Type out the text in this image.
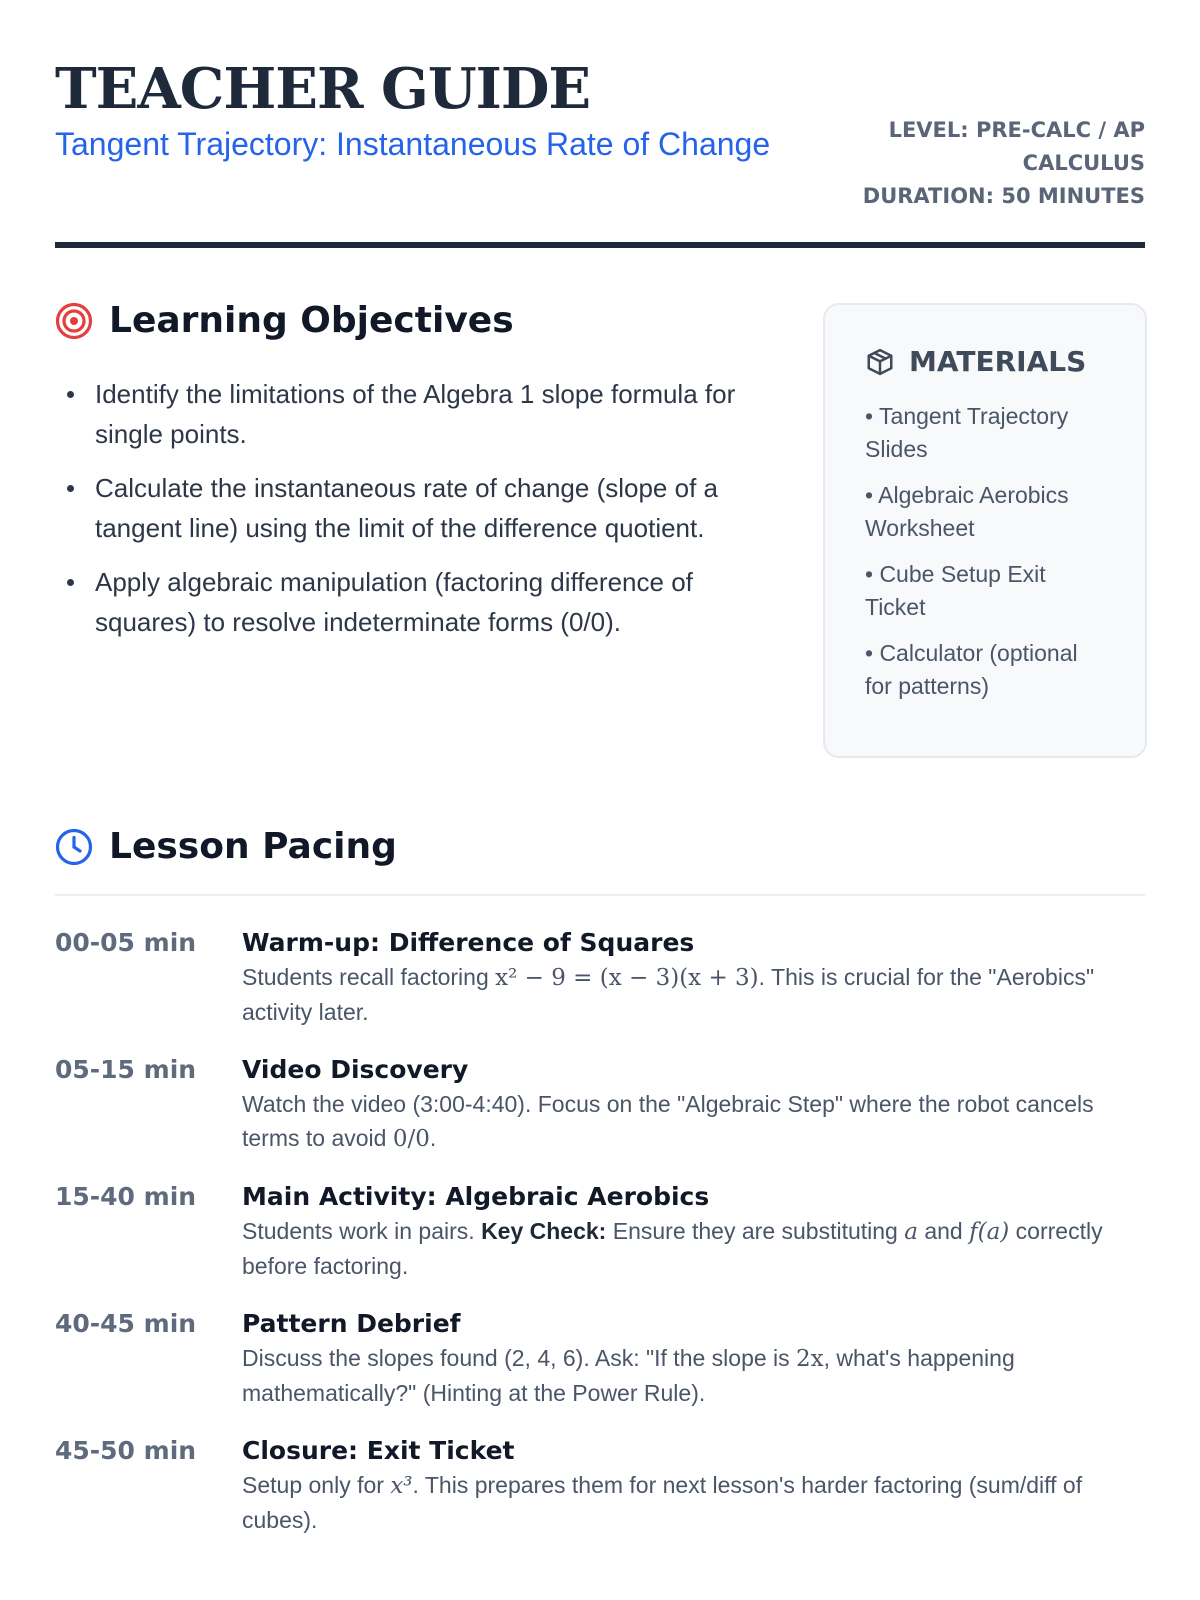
TEACHER GUIDE
Tangent Trajectory: Instantaneous Rate of Change	LEVEL: PRE-CALC / AP CALCULUS
DURATION: 50 MINUTES
Learning Objectives
Identify the limitations of the Algebra 1 slope formula for single points.
Calculate the instantaneous rate of change (slope of a tangent line) using the limit of the difference quotient.
Apply algebraic manipulation (factoring difference of squares) to resolve indeterminate forms (0/0).
MATERIALS
• Tangent Trajectory Slides
• Algebraic Aerobics Worksheet
• Cube Setup Exit Ticket
• Calculator (optional for patterns)
Lesson Pacing
00-05 min	Warm-up: Difference of Squares
Students recall factoring x² − 9 = (x − 3)(x + 3). This is crucial for the "Aerobics" activity later.
05-15 min	Video Discovery
Watch the video (3:00-4:40). Focus on the "Algebraic Step" where the robot cancels terms to avoid 0/0.
15-40 min	Main Activity: Algebraic Aerobics
Students work in pairs. Key Check: Ensure they are substituting a and f(a) correctly before factoring.
40-45 min	Pattern Debrief
Discuss the slopes found (2, 4, 6). Ask: "If the slope is 2x, what's happening mathematically?" (Hinting at the Power Rule).
45-50 min	Closure: Exit Ticket
Setup only for x³. This prepares them for next lesson's harder factoring (sum/diff of cubes).
